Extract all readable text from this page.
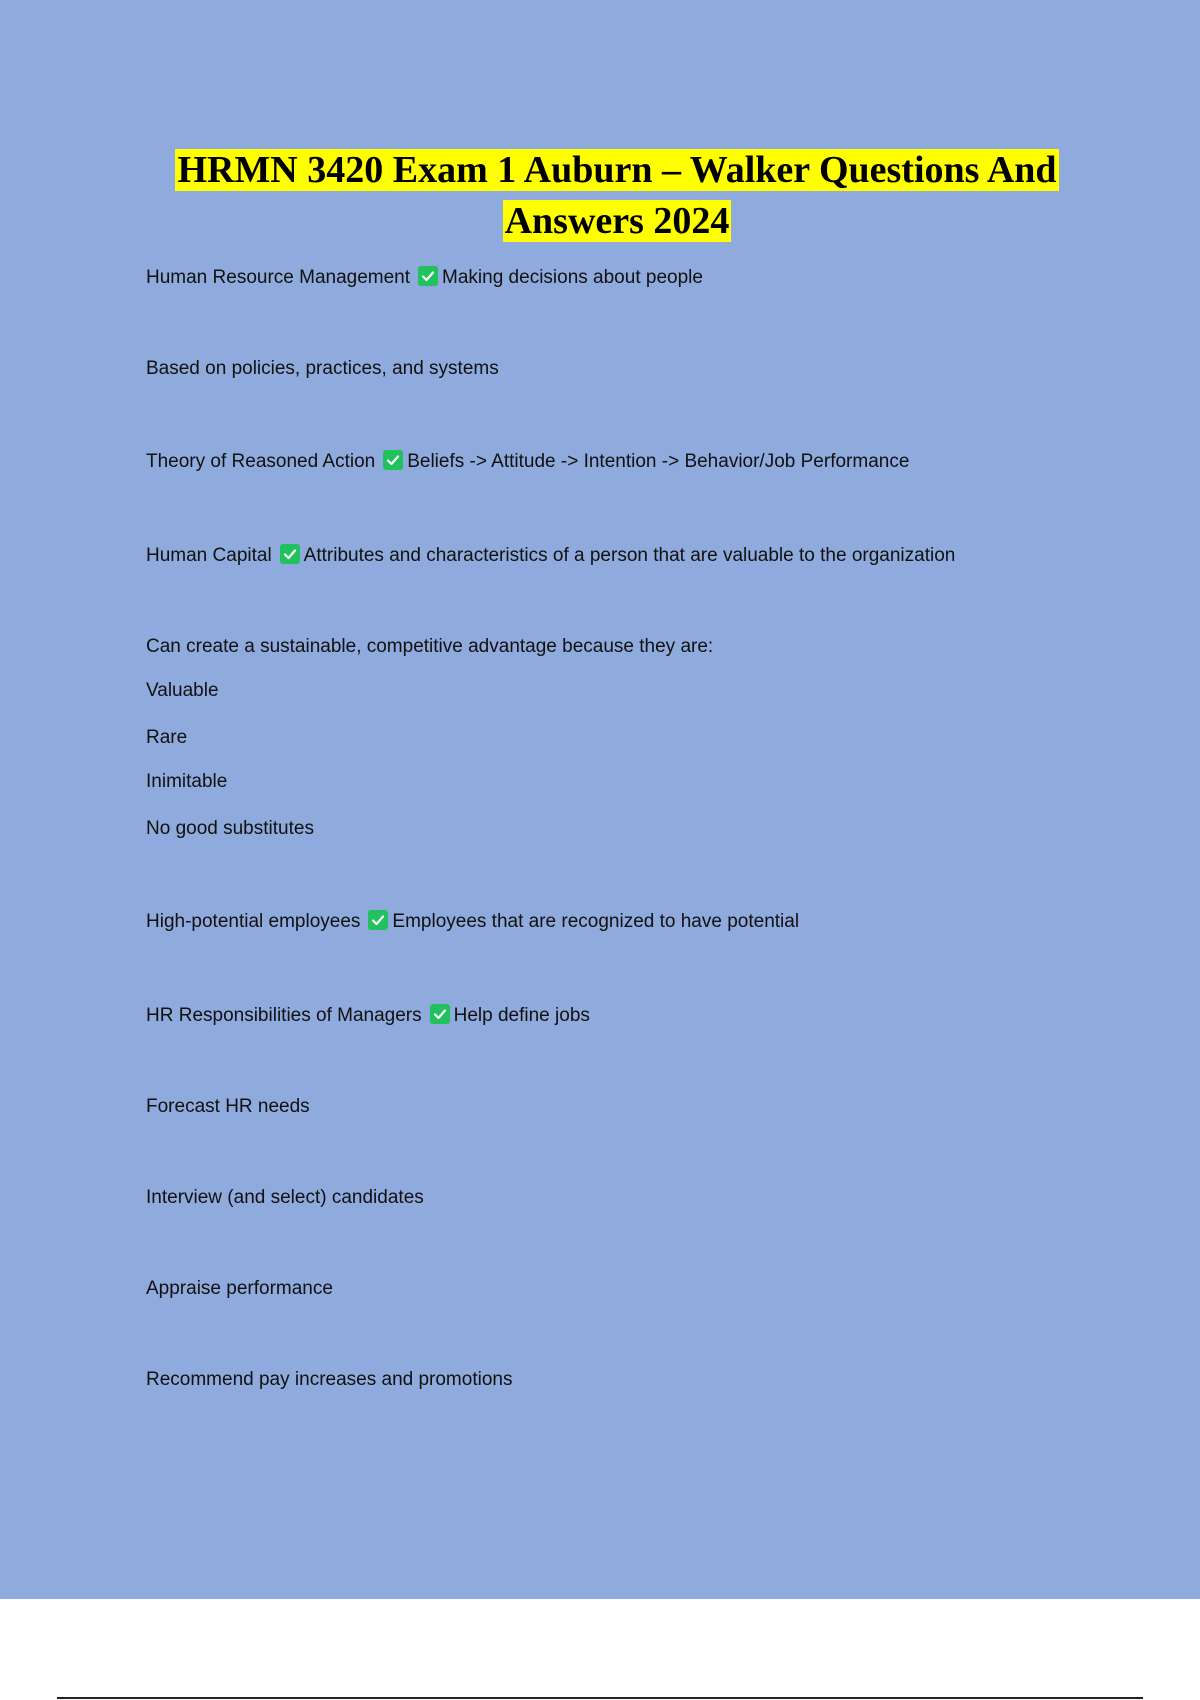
HRMN 3420 Exam 1 Auburn – Walker Questions And
Answers 2024
Human Resource Management Making decisions about people
Based on policies, practices, and systems
Theory of Reasoned Action Beliefs -> Attitude -> Intention -> Behavior/Job Performance
Human Capital Attributes and characteristics of a person that are valuable to the organization
Can create a sustainable, competitive advantage because they are:
Valuable
Rare
Inimitable
No good substitutes
High-potential employees Employees that are recognized to have potential
HR Responsibilities of Managers Help define jobs
Forecast HR needs
Interview (and select) candidates
Appraise performance
Recommend pay increases and promotions
